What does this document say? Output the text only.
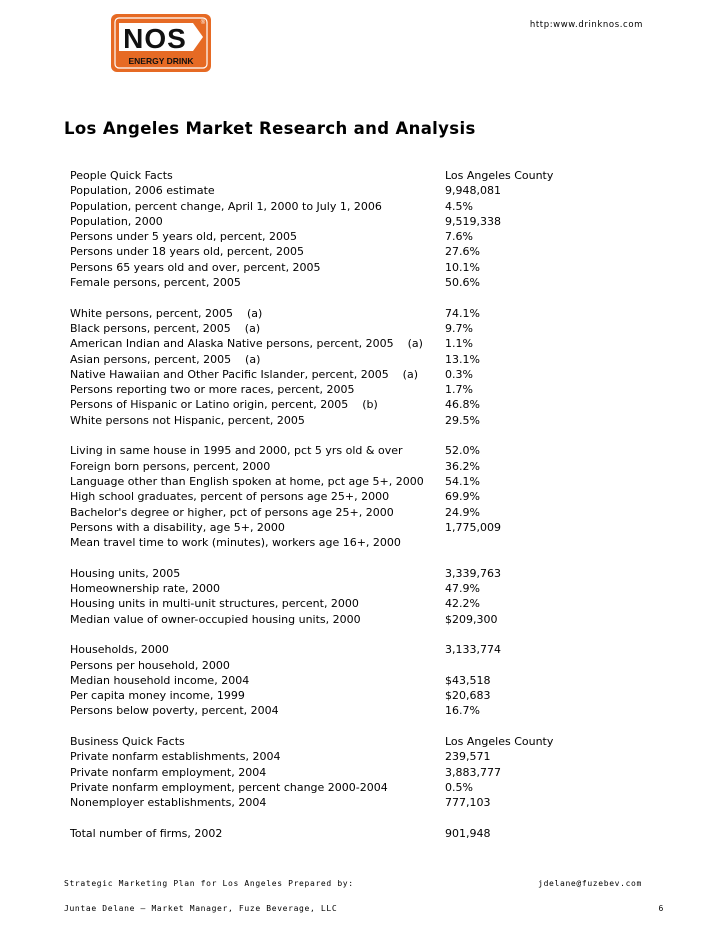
http:www.drinknos.com
NOS
ENERGY DRINK
®
Los Angeles Market Research and Analysis
People Quick Facts	Los Angeles County
Population, 2006 estimate	9,948,081
Population, percent change, April 1, 2000 to July 1, 2006	4.5%
Population, 2000	9,519,338
Persons under 5 years old, percent, 2005	7.6%
Persons under 18 years old, percent, 2005	27.6%
Persons 65 years old and over, percent, 2005	10.1%
Female persons, percent, 2005	50.6%
White persons, percent, 2005    (a)	74.1%
Black persons, percent, 2005    (a)	9.7%
American Indian and Alaska Native persons, percent, 2005    (a) 1.1%
Asian persons, percent, 2005    (a)	13.1%
Native Hawaiian and Other Pacific Islander, percent, 2005    (a) 0.3%
Persons reporting two or more races, percent, 2005	1.7%
Persons of Hispanic or Latino origin, percent, 2005    (b)	46.8%
White persons not Hispanic, percent, 2005	29.5%
Living in same house in 1995 and 2000, pct 5 yrs old & over	52.0%
Foreign born persons, percent, 2000	36.2%
Language other than English spoken at home, pct age 5+, 2000 54.1%
High school graduates, percent of persons age 25+, 2000	69.9%
Bachelor's degree or higher, pct of persons age 25+, 2000	24.9%
Persons with a disability, age 5+, 2000	1,775,009
Mean travel time to work (minutes), workers age 16+, 2000
Housing units, 2005	3,339,763
Homeownership rate, 2000	47.9%
Housing units in multi-unit structures, percent, 2000	42.2%
Median value of owner-occupied housing units, 2000	$209,300
Households, 2000	3,133,774
Persons per household, 2000
Median household income, 2004	$43,518
Per capita money income, 1999	$20,683
Persons below poverty, percent, 2004	16.7%
Business Quick Facts	Los Angeles County
Private nonfarm establishments, 2004	239,571
Private nonfarm employment, 2004	3,883,777
Private nonfarm employment, percent change 2000-2004	0.5%
Nonemployer establishments, 2004	777,103
Total number of firms, 2002	901,948
Strategic Marketing Plan for Los Angeles Prepared by:	jdelane@fuzebev.com
Juntae Delane – Market Manager, Fuze Beverage, LLC	6
